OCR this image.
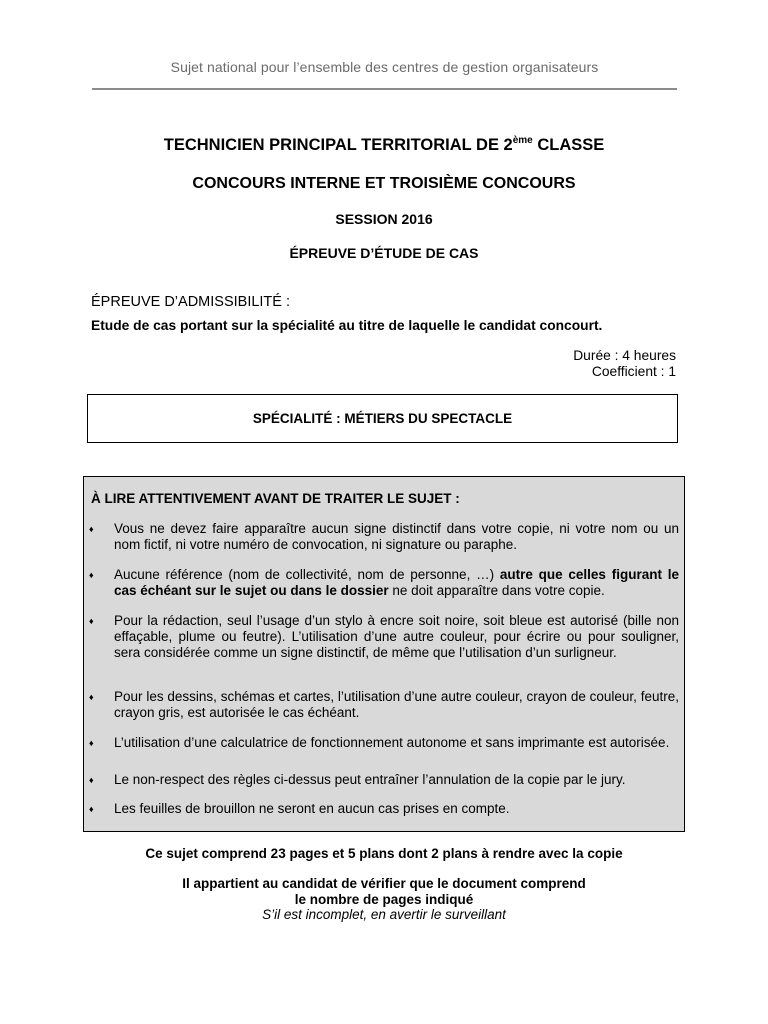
Sujet national pour l’ensemble des centres de gestion organisateurs
TECHNICIEN PRINCIPAL TERRITORIAL DE 2ème CLASSE
CONCOURS INTERNE ET TROISIÈME CONCOURS
SESSION 2016
ÉPREUVE D’ÉTUDE DE CAS
ÉPREUVE D’ADMISSIBILITÉ :
Etude de cas portant sur la spécialité au titre de laquelle le candidat concourt.
Durée : 4 heures
Coefficient : 1
SPÉCIALITÉ : MÉTIERS DU SPECTACLE
À LIRE ATTENTIVEMENT AVANT DE TRAITER LE SUJET :
♦	Vous ne devez faire apparaître aucun signe distinctif dans votre copie, ni votre nom ou un nom fictif, ni votre numéro de convocation, ni signature ou paraphe.
♦	Aucune référence (nom de collectivité, nom de personne, …) autre que celles figurant le cas échéant sur le sujet ou dans le dossier ne doit apparaître dans votre copie.
♦	Pour la rédaction, seul l’usage d’un stylo à encre soit noire, soit bleue est autorisé (bille non effaçable, plume ou feutre). L’utilisation d’une autre couleur, pour écrire ou pour souligner, sera considérée comme un signe distinctif, de même que l’utilisation d’un surligneur.
♦	Pour les dessins, schémas et cartes, l’utilisation d’une autre couleur, crayon de couleur, feutre, crayon gris, est autorisée le cas échéant.
♦	L’utilisation d’une calculatrice de fonctionnement autonome et sans imprimante est autorisée.
♦	Le non-respect des règles ci-dessus peut entraîner l’annulation de la copie par le jury.
♦	Les feuilles de brouillon ne seront en aucun cas prises en compte.
Ce sujet comprend 23 pages et 5 plans dont 2 plans à rendre avec la copie
Il appartient au candidat de vérifier que le document comprend
le nombre de pages indiqué
S’il est incomplet, en avertir le surveillant
